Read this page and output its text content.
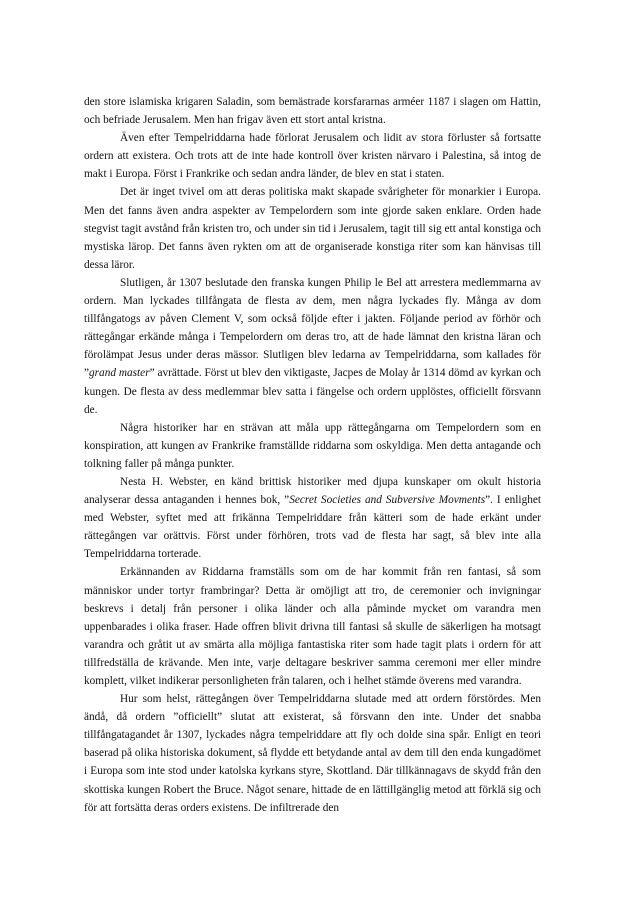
den store islamiska krigaren Saladin, som bemästrade korsfararnas arméer 1187 i slagen om Hattin, och befriade Jerusalem. Men han frigav även ett stort antal kristna.

Även efter Tempelriddarna hade förlorat Jerusalem och lidit av stora förluster så fortsatte ordern att existera. Och trots att de inte hade kontroll över kristen närvaro i Palestina, så intog de makt i Europa. Först i Frankrike och sedan andra länder, de blev en stat i staten.

Det är inget tvivel om att deras politiska makt skapade svårigheter för monarkier i Europa. Men det fanns även andra aspekter av Tempelordern som inte gjorde saken enklare. Orden hade stegvist tagit avstånd från kristen tro, och under sin tid i Jerusalem, tagit till sig ett antal konstiga och mystiska lärор. Det fanns även rykten om att de organiserade konstiga riter som kan hänvisas till dessa lärоr.

Slutligen, år 1307 beslutade den franska kungen Philip le Bel att arrestera medlemmarna av ordern. Man lyckades tillfångata de flesta av dem, men några lyckades fly. Många av dom tillfångatogs av påven Clement V, som också följde efter i jakten. Följande period av förhör och rättegångar erkände många i Tempelordern om deras tro, att de hade lämnat den kristna läran och förolämpat Jesus under deras mässor. Slutligen blev ledarna av Tempelriddarna, som kallades för ”grand master” avrättade. Först ut blev den viktigaste, Jacpes de Molay år 1314 dömd av kyrkan och kungen. De flesta av dess medlemmar blev satta i fängelse och ordern upplöstes, officiellt försvann de.

Några historiker har en strävan att måla upp rättegångarna om Tempelordern som en konspiration, att kungen av Frankrike framställde riddarna som oskyldiga. Men detta antagande och tolkning faller på många punkter.

Nesta H. Webster, en känd brittisk historiker med djupa kunskaper om okult historia analyserar dessa antaganden i hennes bok, ”Secret Societies and Subversive Movments”. I enlighet med Webster, syftet med att frikänna Tempelriddare från kätteri som de hade erkänt under rättegången var orättvis. Först under förhören, trots vad de flesta har sagt, så blev inte alla Tempelriddarna torterade.

Erkännanden av Riddarna framställs som om de har kommit från ren fantasi, så som människor under tortyr frambringar? Detta är omöjligt att tro, de ceremonier och invigningar beskrevs i detalj från personer i olika länder och alla påminde mycket om varandra men uppenbarades i olika fraser. Hade offren blivit drivna till fantasi så skulle de säkerligen ha motsagt varandra och gråtit ut av smärta alla möjliga fantastiska riter som hade tagit plats i ordern för att tillfredställa de krävande. Men inte, varje deltagare beskriver samma ceremoni mer eller mindre komplett, vilket indikerar personligheten från talaren, och i helhet stämde överens med varandra.

Hur som helst, rättegången över Tempelriddarna slutade med att ordern förstördes. Men ändå, då ordern ”officiellt” slutat att existerat, så försvann den inte. Under det snabba tillfångatagandet år 1307, lyckades några tempelriddare att fly och dolde sina spår. Enligt en teori baserad på olika historiska dokument, så flydde ett betydande antal av dem till den enda kungadömet i Europa som inte stod under katolska kyrkans styre, Skottland. Där tillkännagavs de skydd från den skottiska kungen Robert the Bruce. Något senare, hittade de en lättillgänglig metod att förklä sig och för att fortsätta deras orders existens. De infiltrerade den
